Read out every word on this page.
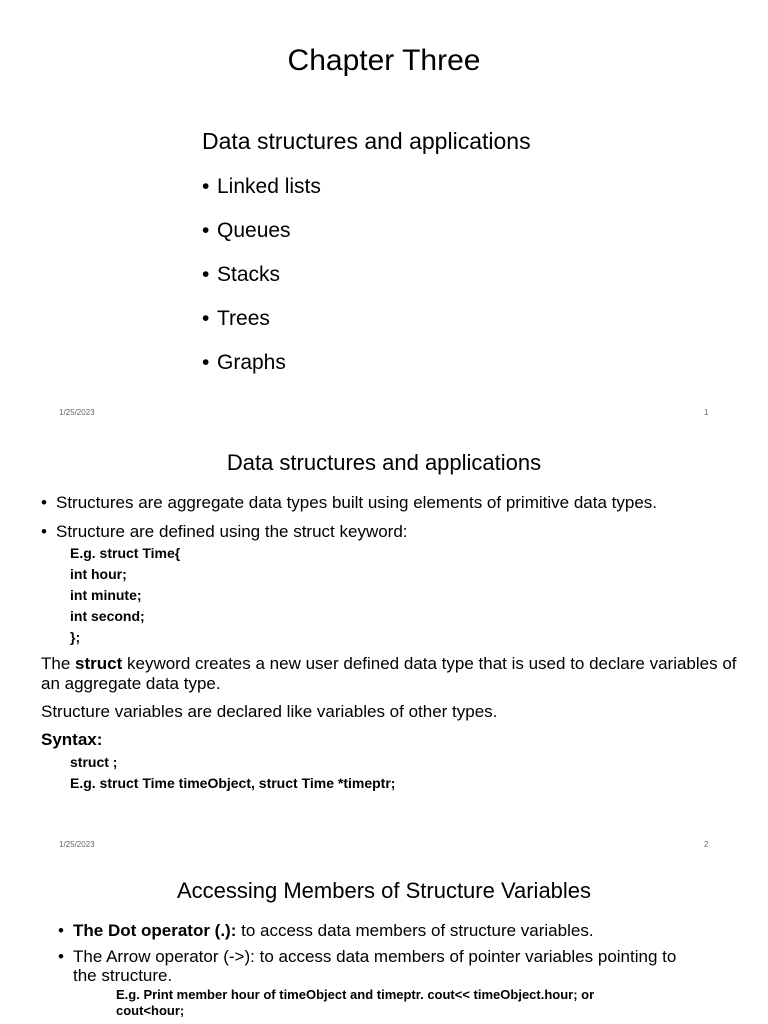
Chapter Three
Data structures and applications
• Linked lists
• Queues
• Stacks
• Trees
• Graphs
1/25/2023	1
Data structures and applications
• Structures are aggregate data types built using elements of primitive data types.
• Structure are defined using the struct keyword:
E.g. struct Time{
int hour;
int minute;
int second;
};
The struct keyword creates a new user defined data type that is used to declare variables of an aggregate data type.
Structure variables are declared like variables of other types.
Syntax:
struct ;
E.g. struct Time timeObject, struct Time *timeptr;
1/25/2023	2
Accessing Members of Structure Variables
• The Dot operator (.): to access data members of structure variables.
• The Arrow operator (->): to access data members of pointer variables pointing to the structure.
E.g. Print member hour of timeObject and timeptr. cout<< timeObject.hour; or cout<hour;
